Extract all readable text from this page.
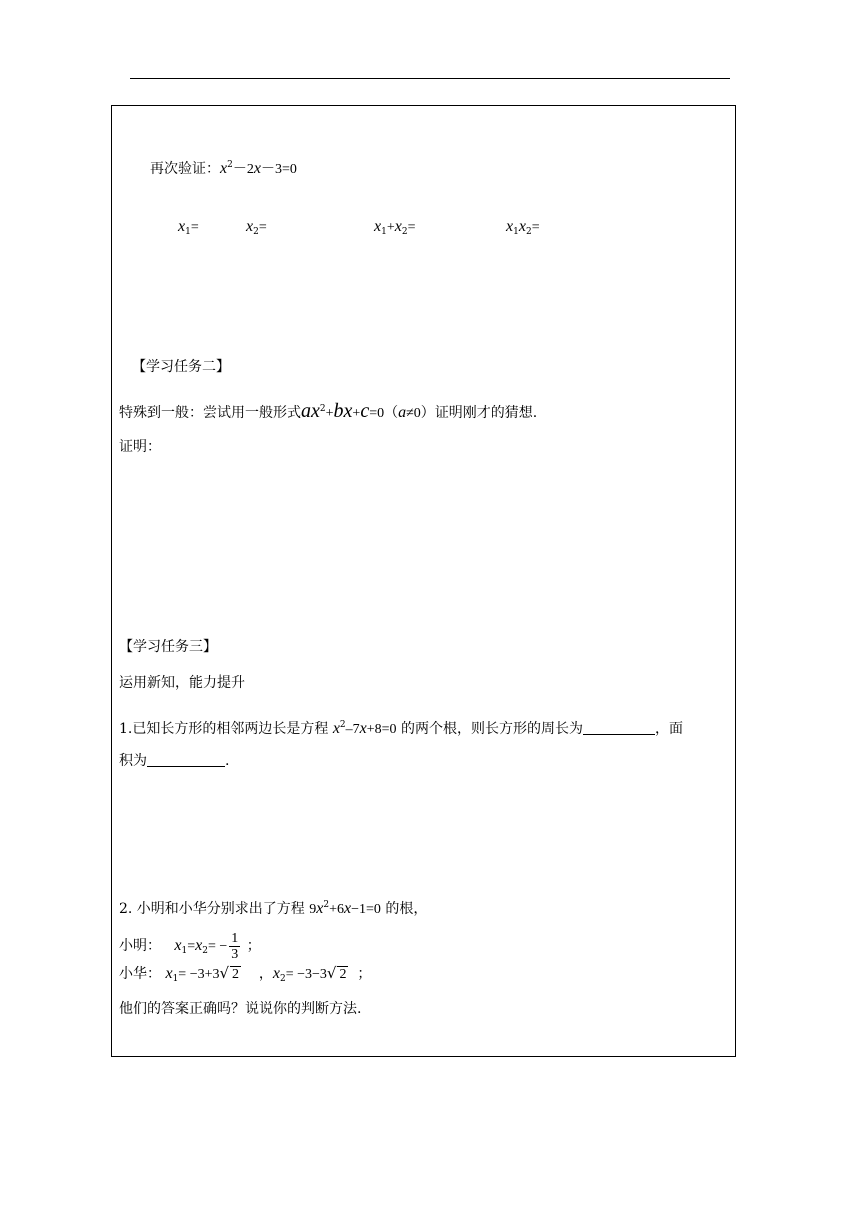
再次验证：$x^2-2x-3=0$
$x_1=$	$x_2=$	$x_1+x_2=$	$x_1x_2=$
【学习任务二】
特殊到一般：尝试用一般形式$ax^2+bx+c=0(a\ne 0)$证明刚才的猜想.
证明：
【学习任务三】
运用新知，能力提升
1.已知长方形的相邻两边长是方程 $x^2-7x+8=0$ 的两个根，则长方形的周长为	，面
积为	.
2. 小明和小华分别求出了方程 $9x^2+6x-1=0$ 的根，
小明： $x_1=x_2= - \frac{1}{3}$ ；
小华： $x_1= -3+3√$ 2 ，$x_2= -3-3√$ 2 ；
他们的答案正确吗？说说你的判断方法.
